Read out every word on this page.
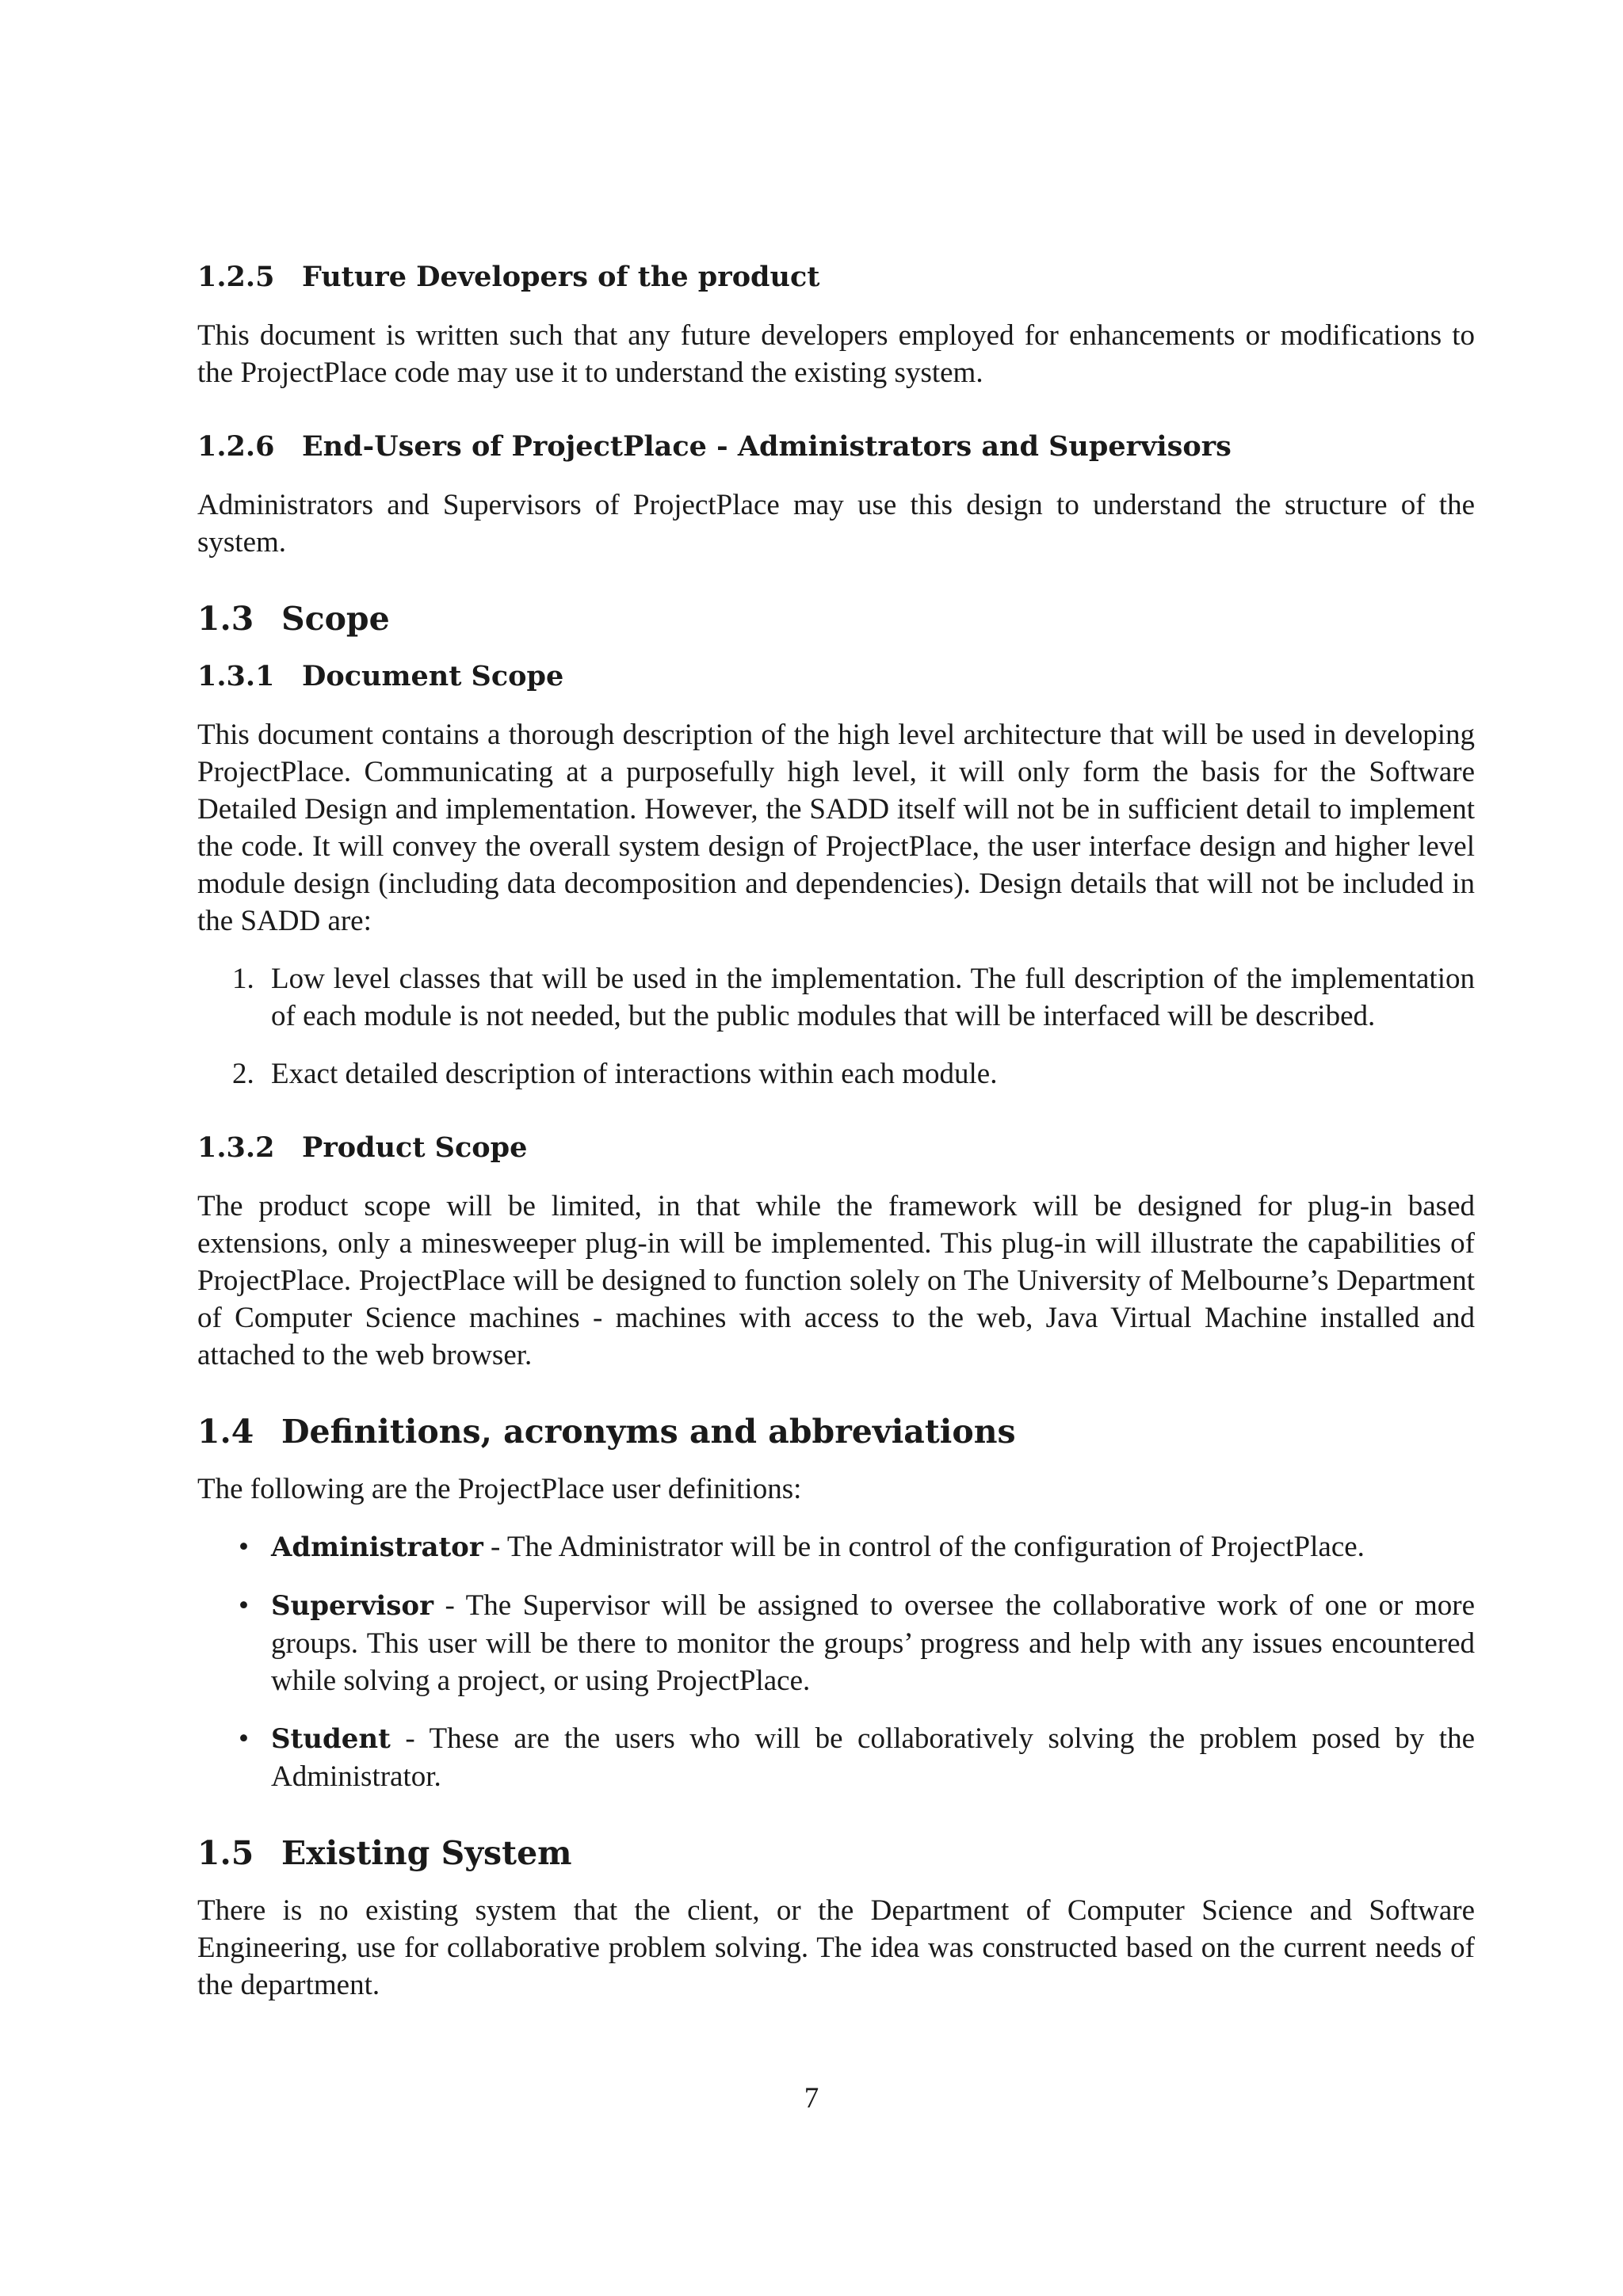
1.2.5 Future Developers of the product

This document is written such that any future developers employed for enhancements or modifications to the ProjectPlace code may use it to understand the existing system.

1.2.6 End-Users of ProjectPlace - Administrators and Supervisors

Administrators and Supervisors of ProjectPlace may use this design to understand the structure of the system.

1.3 Scope
1.3.1 Document Scope

This document contains a thorough description of the high level architecture that will be used in developing ProjectPlace. Communicating at a purposefully high level, it will only form the basis for the Software Detailed Design and implementation. However, the SADD itself will not be in sufficient detail to implement the code. It will convey the overall system design of ProjectPlace, the user interface design and higher level module design (including data decomposition and dependencies). Design details that will not be included in the SADD are:

1. Low level classes that will be used in the implementation. The full description of the implementation of each module is not needed, but the public modules that will be interfaced will be described.
2. Exact detailed description of interactions within each module.
1.3.2 Product Scope

The product scope will be limited, in that while the framework will be designed for plug-in based extensions, only a minesweeper plug-in will be implemented. This plug-in will illustrate the capabilities of ProjectPlace. ProjectPlace will be designed to function solely on The University of Melbourne’s Department of Computer Science machines - machines with access to the web, Java Virtual Machine installed and attached to the web browser.

1.4 Definitions, acronyms and abbreviations

The following are the ProjectPlace user definitions:

• Administrator - The Administrator will be in control of the configuration of ProjectPlace.
• Supervisor - The Supervisor will be assigned to oversee the collaborative work of one or more groups. This user will be there to monitor the groups’ progress and help with any issues encountered while solving a project, or using ProjectPlace.
• Student - These are the users who will be collaboratively solving the problem posed by the Administrator.
1.5 Existing System

There is no existing system that the client, or the Department of Computer Science and Software Engineering, use for collaborative problem solving. The idea was constructed based on the current needs of the department.

7
